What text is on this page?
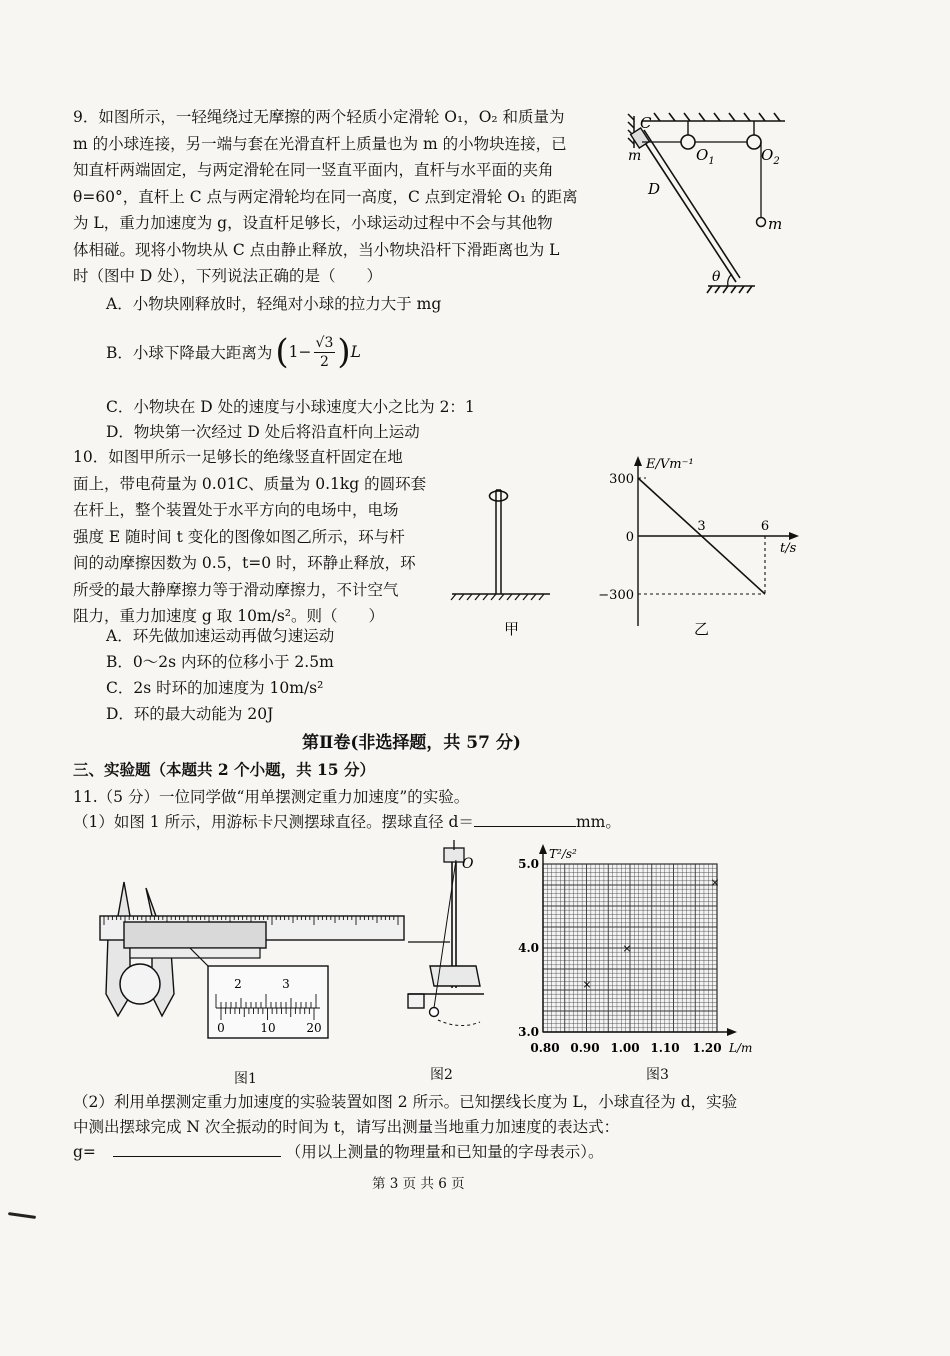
9．如图所示，一轻绳绕过无摩擦的两个轻质小定滑轮 O₁，O₂ 和质量为
m 的小球连接，另一端与套在光滑直杆上质量也为 m 的小物块连接，已
知直杆两端固定，与两定滑轮在同一竖直平面内，直杆与水平面的夹角
θ=60°，直杆上 C 点与两定滑轮均在同一高度，C 点到定滑轮 O₁ 的距离
为 L，重力加速度为 g，设直杆足够长，小球运动过程中不会与其他物
体相碰。现将小物块从 C 点由静止释放，当小物块沿杆下滑距离也为 L
时（图中 D 处），下列说法正确的是（　　）
A．小物块刚释放时，轻绳对小球的拉力大于 mg
B．小球下降最大距离为 ( $1- \frac{√3}{2}$ ) L
C．小物块在 D 处的速度与小球速度大小之比为 2：1
D．物块第一次经过 D 处后将沿直杆向上运动
C
m	$O_1$	$O_2$
D
m
θ
10．如图甲所示一足够长的绝缘竖直杆固定在地
面上，带电荷量为 0.01C、质量为 0.1kg 的圆环套
在杆上，整个装置处于水平方向的电场中，电场
强度 E 随时间 t 变化的图像如图乙所示，环与杆
间的动摩擦因数为 0.5，t=0 时，环静止释放，环
所受的最大静摩擦力等于滑动摩擦力，不计空气
阻力，重力加速度 g 取 10m/s²。则（　　）
A．环先做加速运动再做匀速运动
B．0～2s 内环的位移小于 2.5m
C．2s 时环的加速度为 10m/s²
D．环的最大动能为 20J
甲
E/Vm⁻¹
t/s
300
0
−300
3	6
乙
第Ⅱ卷(非选择题，共 57 分)
三、实验题（本题共 2 个小题，共 15 分）
11.（5 分）一位同学做“用单摆测定重力加速度”的实验。
（1）如图 1 所示，用游标卡尺测摆球直径。摆球直径 d＝	mm。
2	3
0	10	20
O
T²/s²
5.0
4.0
3.0
0.80 0.90 1.00 1.10 1.20 L/m
×
×
×
图1	图2	图3
（2）利用单摆测定重力加速度的实验装置如图 2 所示。已知摆线长度为 L，小球直径为 d，实验
中测出摆球完成 N 次全振动的时间为 t，请写出测量当地重力加速度的表达式：
g=	（用以上测量的物理量和已知量的字母表示）。
第 3 页 共 6 页
